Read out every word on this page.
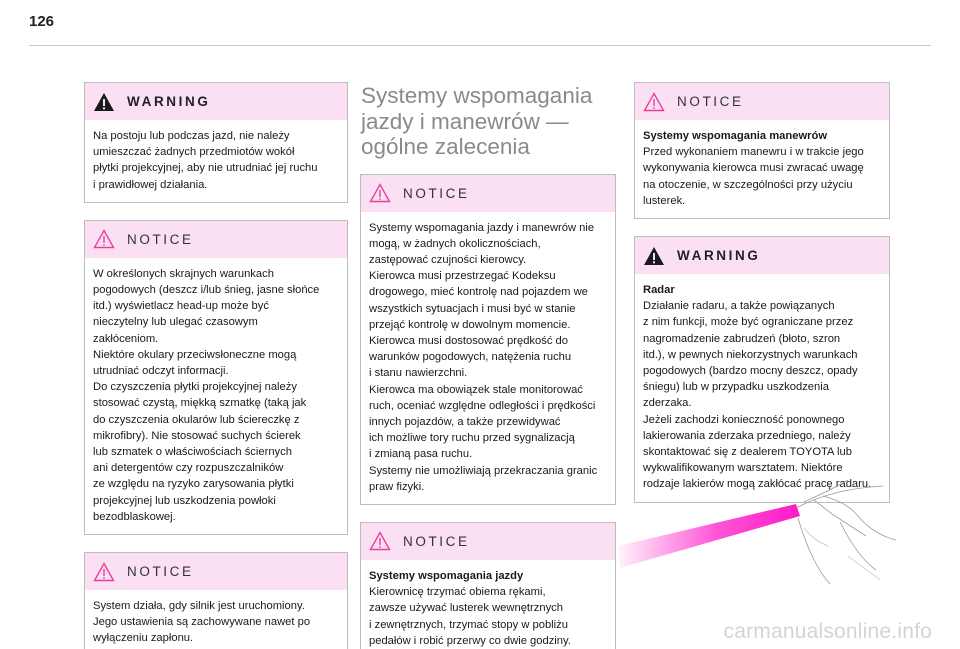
126
WARNING

Na postoju lub podczas jazd, nie należy
umieszczać żadnych przedmiotów wokół
płytki projekcyjnej, aby nie utrudniać jej ruchu
i prawidłowej działania.

NOTICE

W określonych skrajnych warunkach
pogodowych (deszcz i/lub śnieg, jasne słońce
itd.) wyświetlacz head-up może być
nieczytelny lub ulegać czasowym
zakłóceniom.
Niektóre okulary przeciwsłoneczne mogą
utrudniać odczyt informacji.
Do czyszczenia płytki projekcyjnej należy
stosować czystą, miękką szmatkę (taką jak
do czyszczenia okularów lub ściereczkę z
mikrofibry). Nie stosować suchych ścierek
lub szmatek o właściwościach ściernych
ani detergentów czy rozpuszczalników
ze względu na ryzyko zarysowania płytki
projekcyjnej lub uszkodzenia powłoki
bezodblaskowej.

NOTICE

System działa, gdy silnik jest uruchomiony.
Jego ustawienia są zachowywane nawet po
wyłączeniu zapłonu.

Systemy wspomagania
jazdy i manewrów —
ogólne zalecenia
NOTICE

Systemy wspomagania jazdy i manewrów nie
mogą, w żadnych okolicznościach,
zastępować czujności kierowcy.
Kierowca musi przestrzegać Kodeksu
drogowego, mieć kontrolę nad pojazdem we
wszystkich sytuacjach i musi być w stanie
przejąć kontrolę w dowolnym momencie.
Kierowca musi dostosować prędkość do
warunków pogodowych, natężenia ruchu
i stanu nawierzchni.
Kierowca ma obowiązek stale monitorować
ruch, oceniać względne odległości i prędkości
innych pojazdów, a także przewidywać
ich możliwe tory ruchu przed sygnalizacją
i zmianą pasa ruchu.
Systemy nie umożliwiają przekraczania granic
praw fizyki.

NOTICE
Systemy wspomagania jazdy

Kierownicę trzymać obiema rękami,
zawsze używać lusterek wewnętrznych
i zewnętrznych, trzymać stopy w pobliżu
pedałów i robić przerwy co dwie godziny.

NOTICE
Systemy wspomagania manewrów

Przed wykonaniem manewru i w trakcie jego
wykonywania kierowca musi zwracać uwagę
na otoczenie, w szczególności przy użyciu
lusterek.

WARNING
Radar

Działanie radaru, a także powiązanych
z nim funkcji, może być ograniczane przez
nagromadzenie zabrudzeń (błoto, szron
itd.), w pewnych niekorzystnych warunkach
pogodowych (bardzo mocny deszcz, opady
śniegu) lub w przypadku uszkodzenia
zderzaka.
Jeżeli zachodzi konieczność ponownego
lakierowania zderzaka przedniego, należy
skontaktować się z dealerem TOYOTA lub
wykwalifikowanym warsztatem. Niektóre
rodzaje lakierów mogą zakłócać pracę radaru.

carmanualsonline.info
